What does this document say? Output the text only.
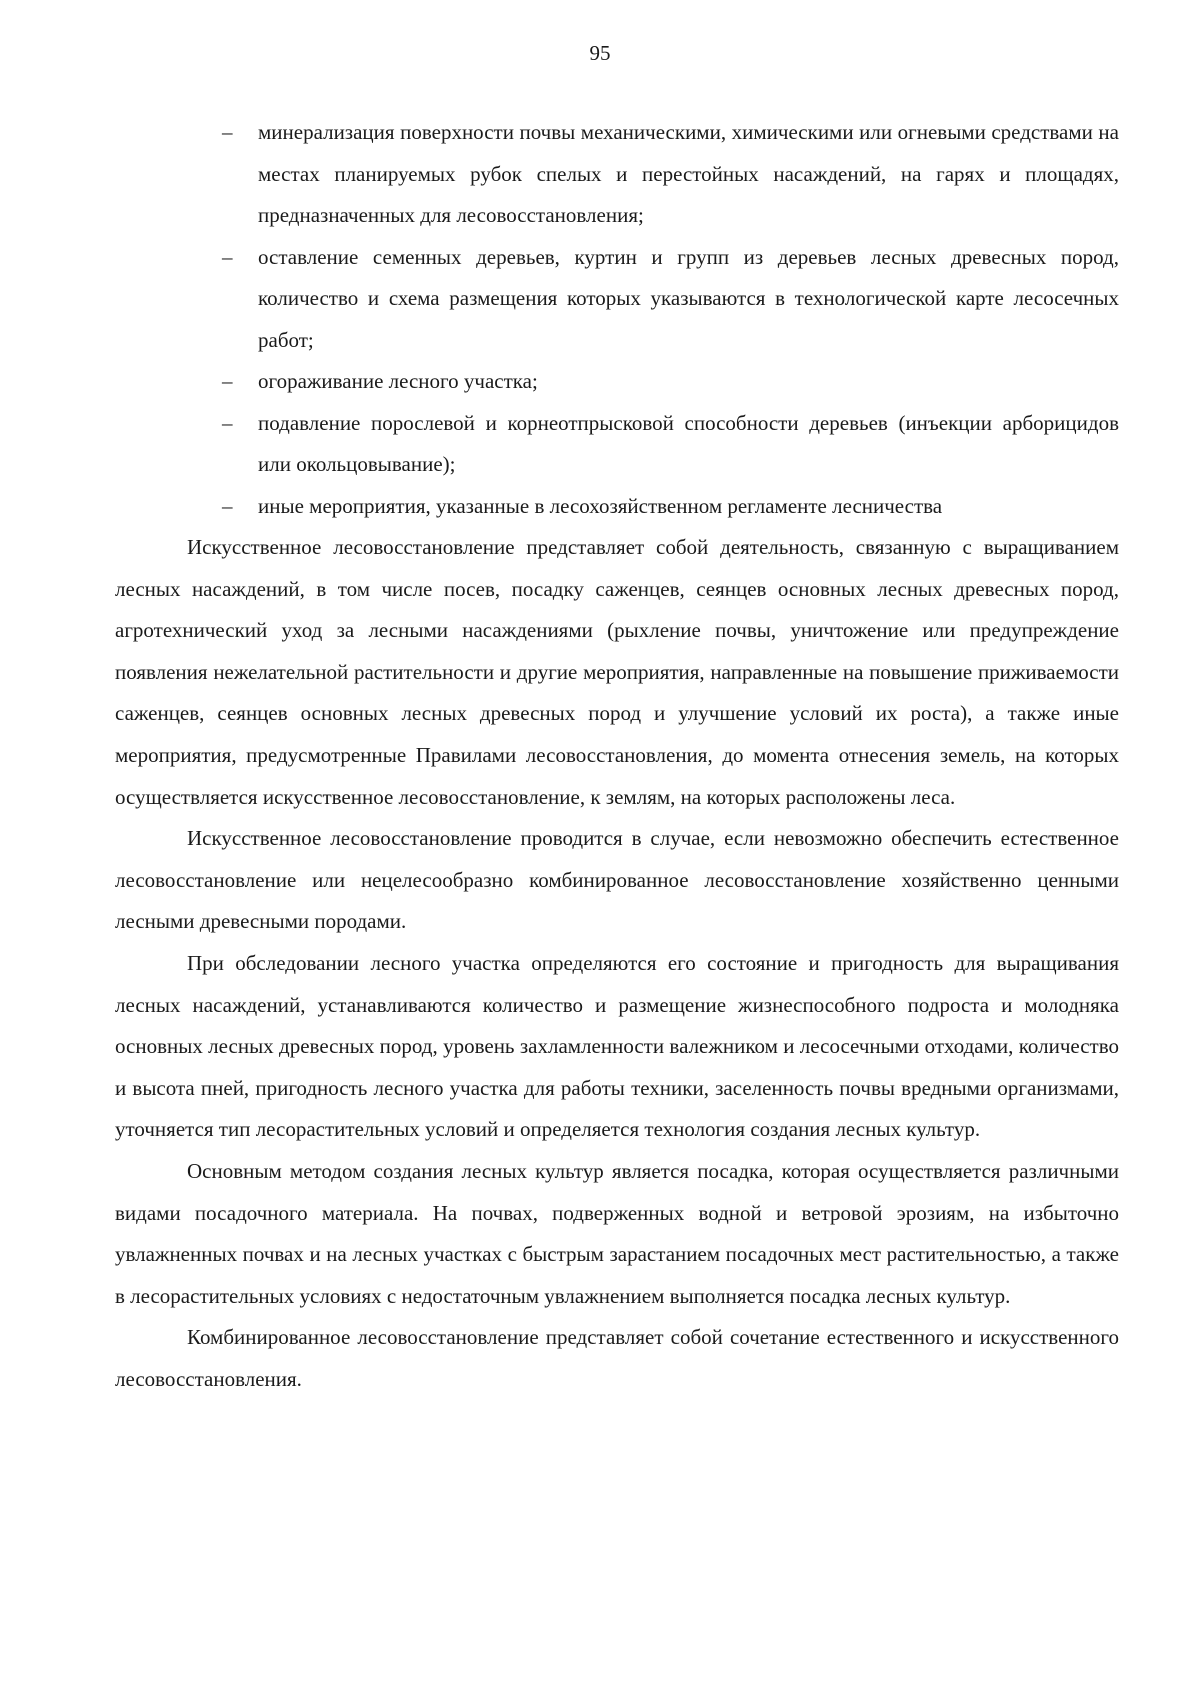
95
– минерализация поверхности почвы механическими, химическими или огневыми средствами на местах планируемых рубок спелых и перестойных насаждений, на гарях и площадях, предназначенных для лесовосстановления;
– оставление семенных деревьев, куртин и групп из деревьев лесных древесных пород, количество и схема размещения которых указываются в технологической карте лесосечных работ;
– огораживание лесного участка;
– подавление порослевой и корнеотпрысковой способности деревьев (инъекции арборицидов или окольцовывание);
– иные мероприятия, указанные в лесохозяйственном регламенте лесничества

Искусственное лесовосстановление представляет собой деятельность, связанную с выращиванием лесных насаждений, в том числе посев, посадку саженцев, сеянцев основных лесных древесных пород, агротехнический уход за лесными насаждениями (рыхление почвы, уничтожение или предупреждение появления нежелательной растительности и другие мероприятия, направленные на повышение приживаемости саженцев, сеянцев основных лесных древесных пород и улучшение условий их роста), а также иные мероприятия, предусмотренные Правилами лесовосстановления, до момента отнесения земель, на которых осуществляется искусственное лесовосстановление, к землям, на которых расположены леса.

Искусственное лесовосстановление проводится в случае, если невозможно обеспечить естественное лесовосстановление или нецелесообразно комбинированное лесовосстановление хозяйственно ценными лесными древесными породами.

При обследовании лесного участка определяются его состояние и пригодность для выращивания лесных насаждений, устанавливаются количество и размещение жизнеспособного подроста и молодняка основных лесных древесных пород, уровень захламленности валежником и лесосечными отходами, количество и высота пней, пригодность лесного участка для работы техники, заселенность почвы вредными организмами, уточняется тип лесорастительных условий и определяется технология создания лесных культур.

Основным методом создания лесных культур является посадка, которая осуществляется различными видами посадочного материала. На почвах, подверженных водной и ветровой эрозиям, на избыточно увлажненных почвах и на лесных участках с быстрым зарастанием посадочных мест растительностью, а также в лесорастительных условиях с недостаточным увлажнением выполняется посадка лесных культур.

Комбинированное лесовосстановление представляет собой сочетание естественного и искусственного лесовосстановления.
